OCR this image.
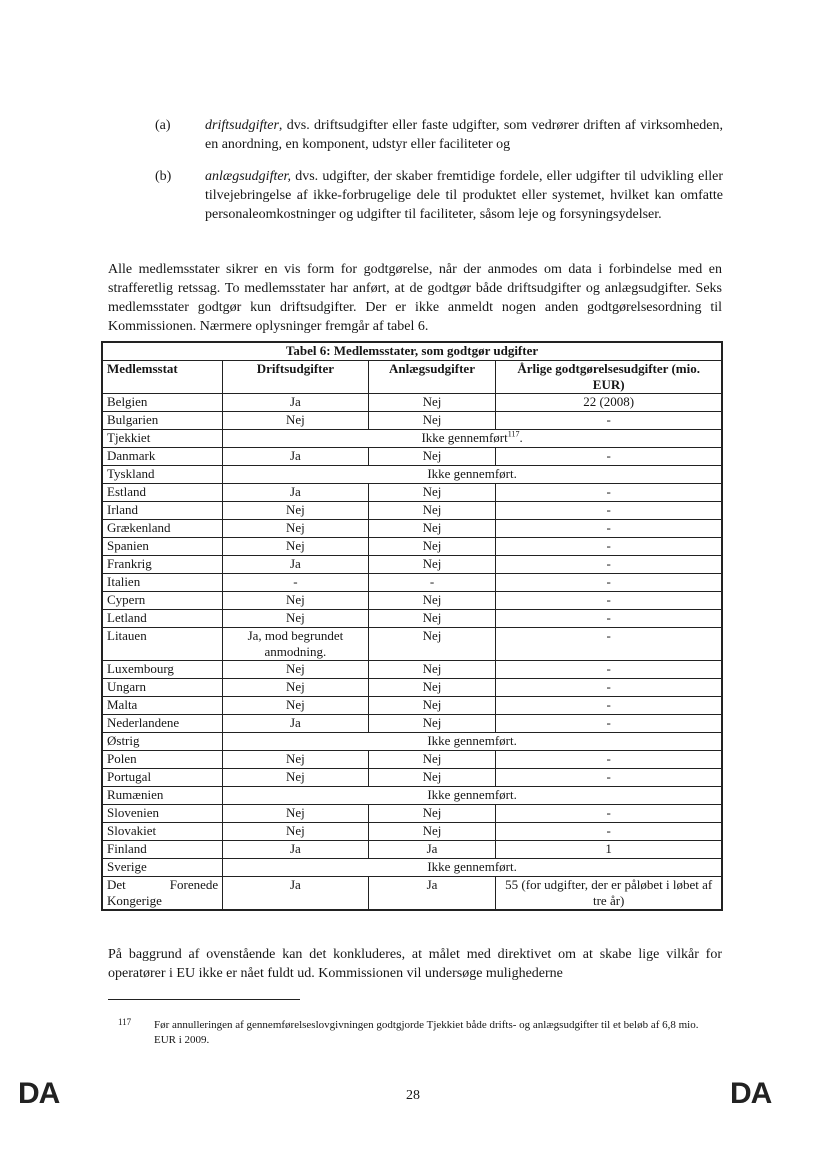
(a) driftsudgifter, dvs. driftsudgifter eller faste udgifter, som vedrører driften af virksomheden, en anordning, en komponent, udstyr eller faciliteter og
(b) anlægsudgifter, dvs. udgifter, der skaber fremtidige fordele, eller udgifter til udvikling eller tilvejebringelse af ikke-forbrugelige dele til produktet eller systemet, hvilket kan omfatte personaleomkostninger og udgifter til faciliteter, såsom leje og forsyningsydelser.
Alle medlemsstater sikrer en vis form for godtgørelse, når der anmodes om data i forbindelse med en strafferetlig retssag. To medlemsstater har anført, at de godtgør både driftsudgifter og anlægsudgifter. Seks medlemsstater godtgør kun driftsudgifter. Der er ikke anmeldt nogen anden godtgørelsesordning til Kommissionen. Nærmere oplysninger fremgår af tabel 6.
Tabel 6: Medlemsstater, som godtgør udgifter			
Medlemsstat	Driftsudgifter	Anlægsudgifter	Årlige godtgørelsesudgifter (mio. EUR)
Belgien	Ja	Nej	22 (2008)
Bulgarien	Nej	Nej	-
Tjekkiet	Ikke gennemført$^{117}$.		
Danmark	Ja	Nej	-
Tyskland	Ikke gennemført.		
Estland	Ja	Nej	-
Irland	Nej	Nej	-
Grækenland	Nej	Nej	-
Spanien	Nej	Nej	-
Frankrig	Ja	Nej	-
Italien	-	-	-
Cypern	Nej	Nej	-
Letland	Nej	Nej	-
Litauen	Ja, mod begrundet anmodning.	Nej	-
Luxembourg	Nej	Nej	-
Ungarn	Nej	Nej	-
Malta	Nej	Nej	-
Nederlandene	Ja	Nej	-
Østrig	Ikke gennemført.		
Polen	Nej	Nej	-
Portugal	Nej	Nej	-
Rumænien	Ikke gennemført.		
Slovenien	Nej	Nej	-
Slovakiet	Nej	Nej	-
Finland	Ja	Ja	1
Sverige	Ikke gennemført.		
Det Forenede Kongerige	Ja	Ja	55 (for udgifter, der er påløbet i løbet af tre år)
På baggrund af ovenstående kan det konkluderes, at målet med direktivet om at skabe lige vilkår for operatører i EU ikke er nået fuldt ud. Kommissionen vil undersøge mulighederne
117 Før annulleringen af gennemførelseslovgivningen godtgjorde Tjekkiet både drifts- og anlægsudgifter til et beløb af 6,8 mio. EUR i 2009.
DA	28	DA
